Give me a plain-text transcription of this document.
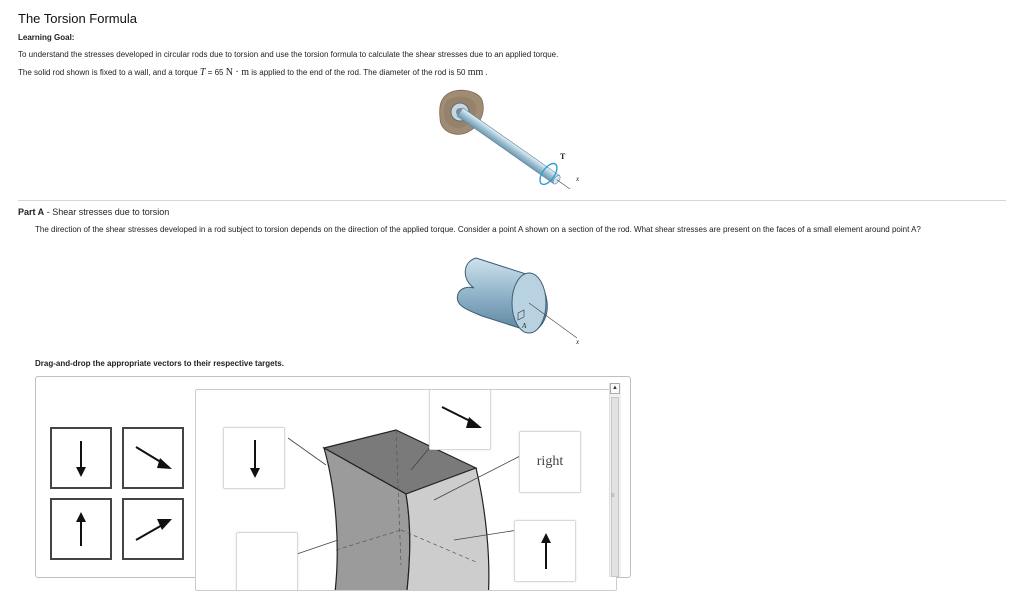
The Torsion Formula
Learning Goal:
To understand the stresses developed in circular rods due to torsion and use the torsion formula to calculate the shear stresses due to an applied torque.
The solid rod shown is fixed to a wall, and a torque T = 65 N · m is applied to the end of the rod. The diameter of the rod is 50 mm .
T
x
Part A - Shear stresses due to torsion
The direction of the shear stresses developed in a rod subject to torsion depends on the direction of the applied torque. Consider a point A shown on a section of the rod. What shear stresses are present on the faces of a small element around point A?
A
x
Drag-and-drop the appropriate vectors to their respective targets.
right
▲
≡
